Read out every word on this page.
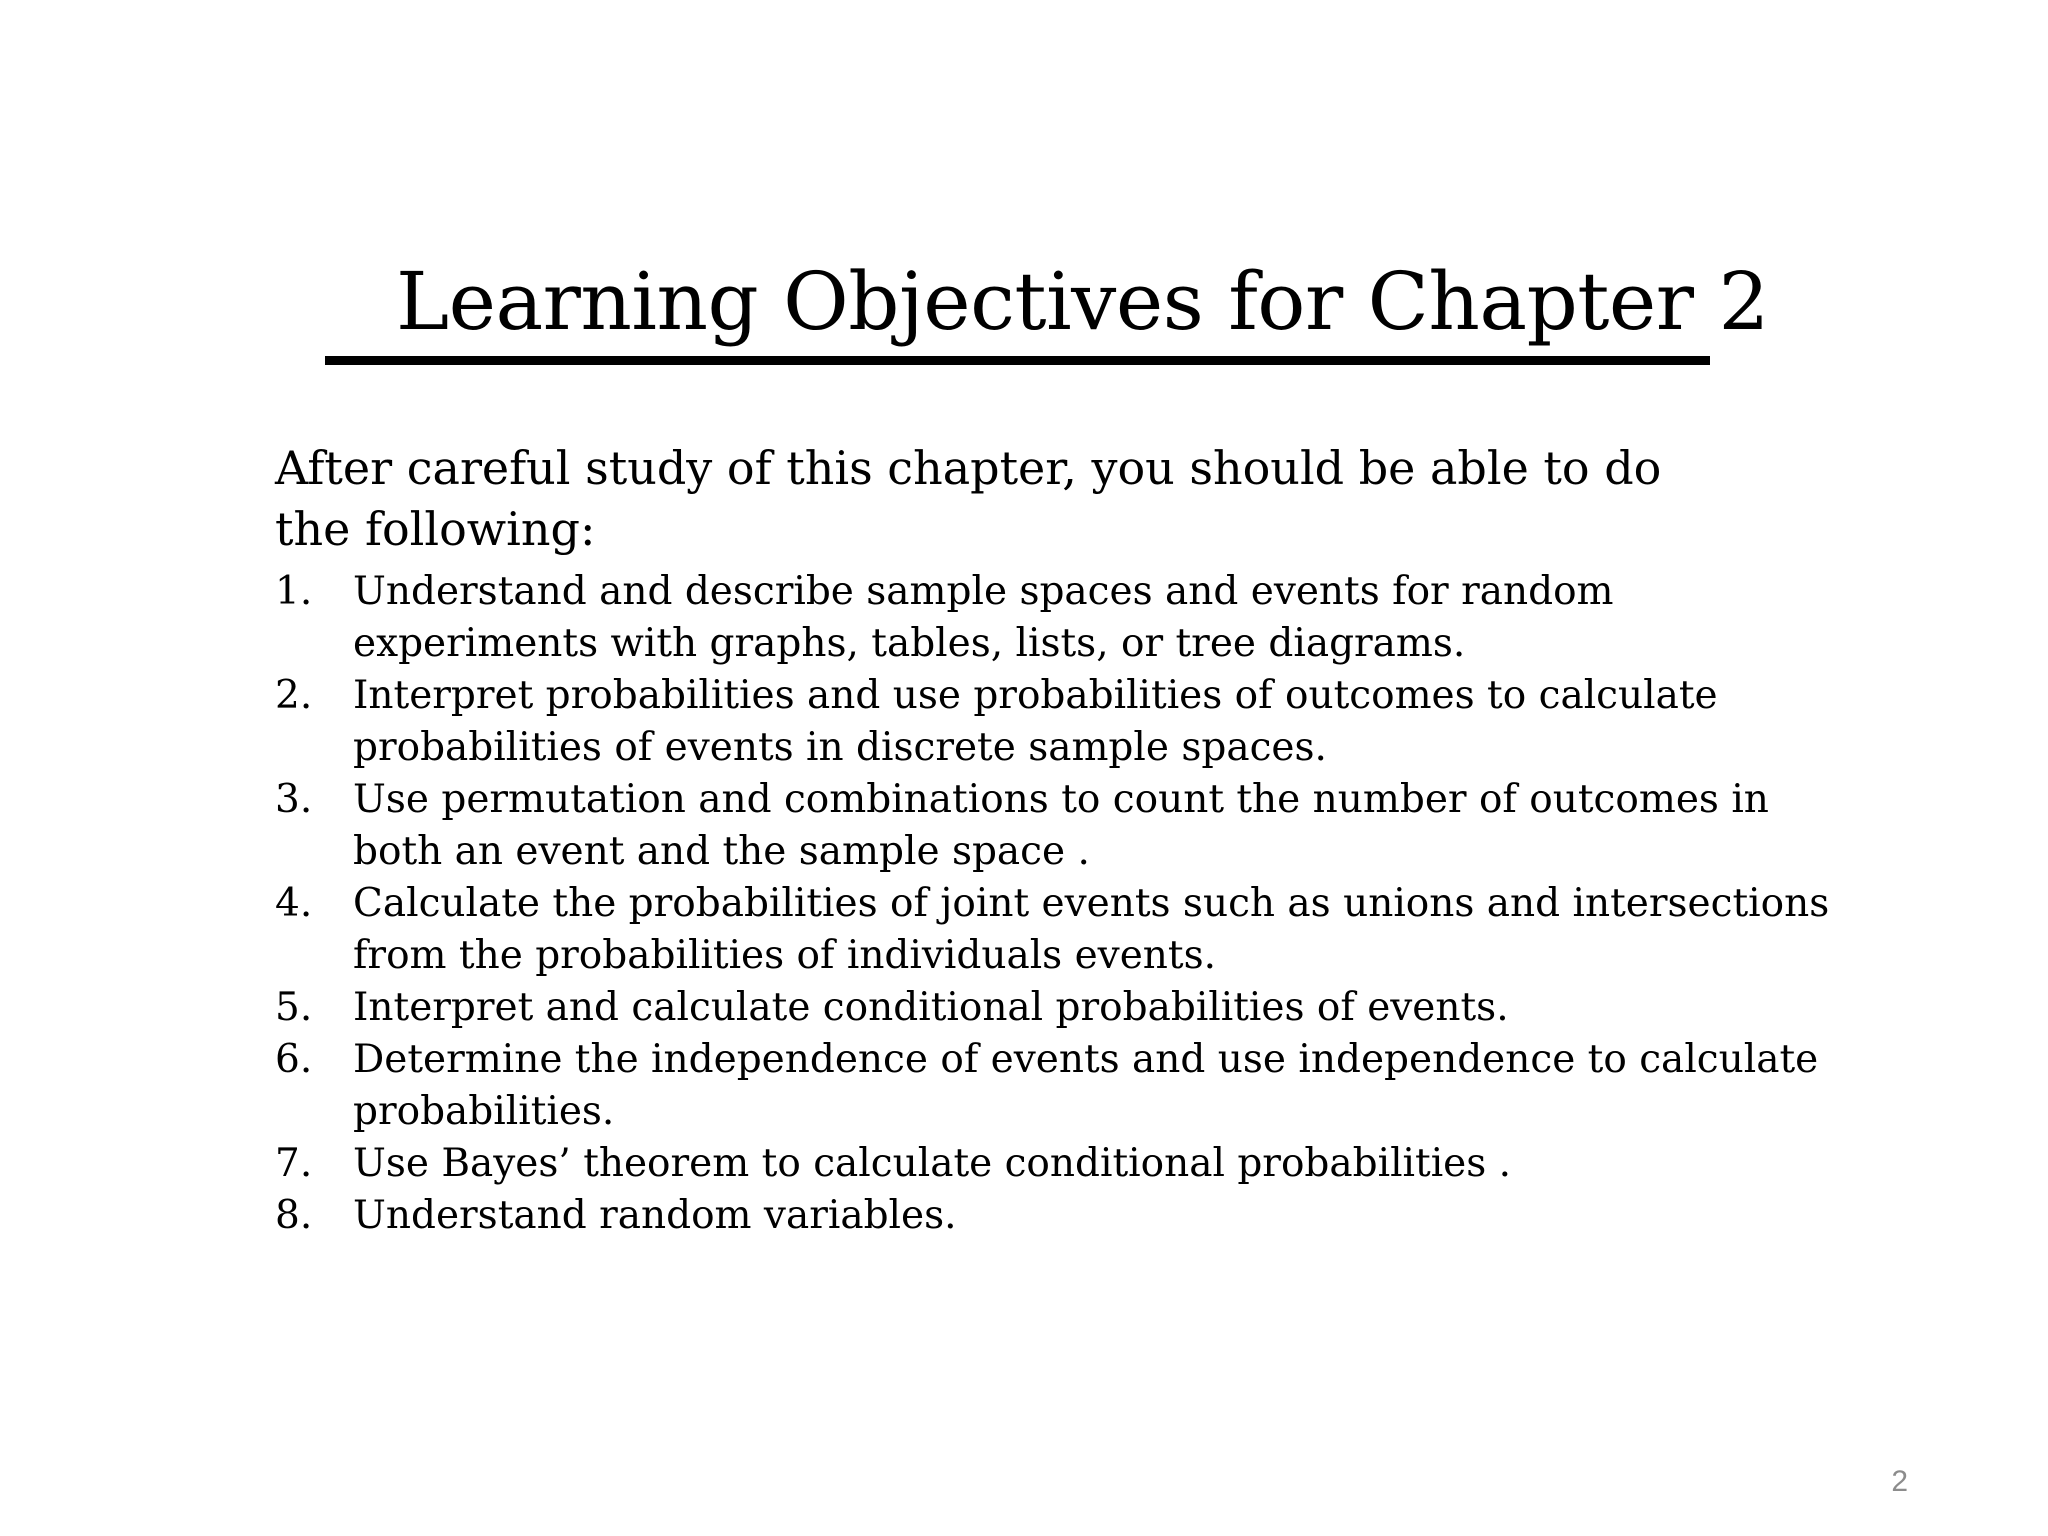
Learning Objectives for Chapter 2

After careful study of this chapter, you should be able to do the following:

1.	Understand and describe sample spaces and events for random experiments with graphs, tables, lists, or tree diagrams.
2.	Interpret probabilities and use probabilities of outcomes to calculate probabilities of events in discrete sample spaces.
3.	Use permutation and combinations to count the number of outcomes in both an event and the sample space .
4.	Calculate the probabilities of joint events such as unions and intersections from the probabilities of individuals events.
5.	Interpret and calculate conditional probabilities of events.
6.	Determine the independence of events and use independence to calculate probabilities.
7.	Use Bayes’ theorem to calculate conditional probabilities .
8.	Understand random variables.
2
